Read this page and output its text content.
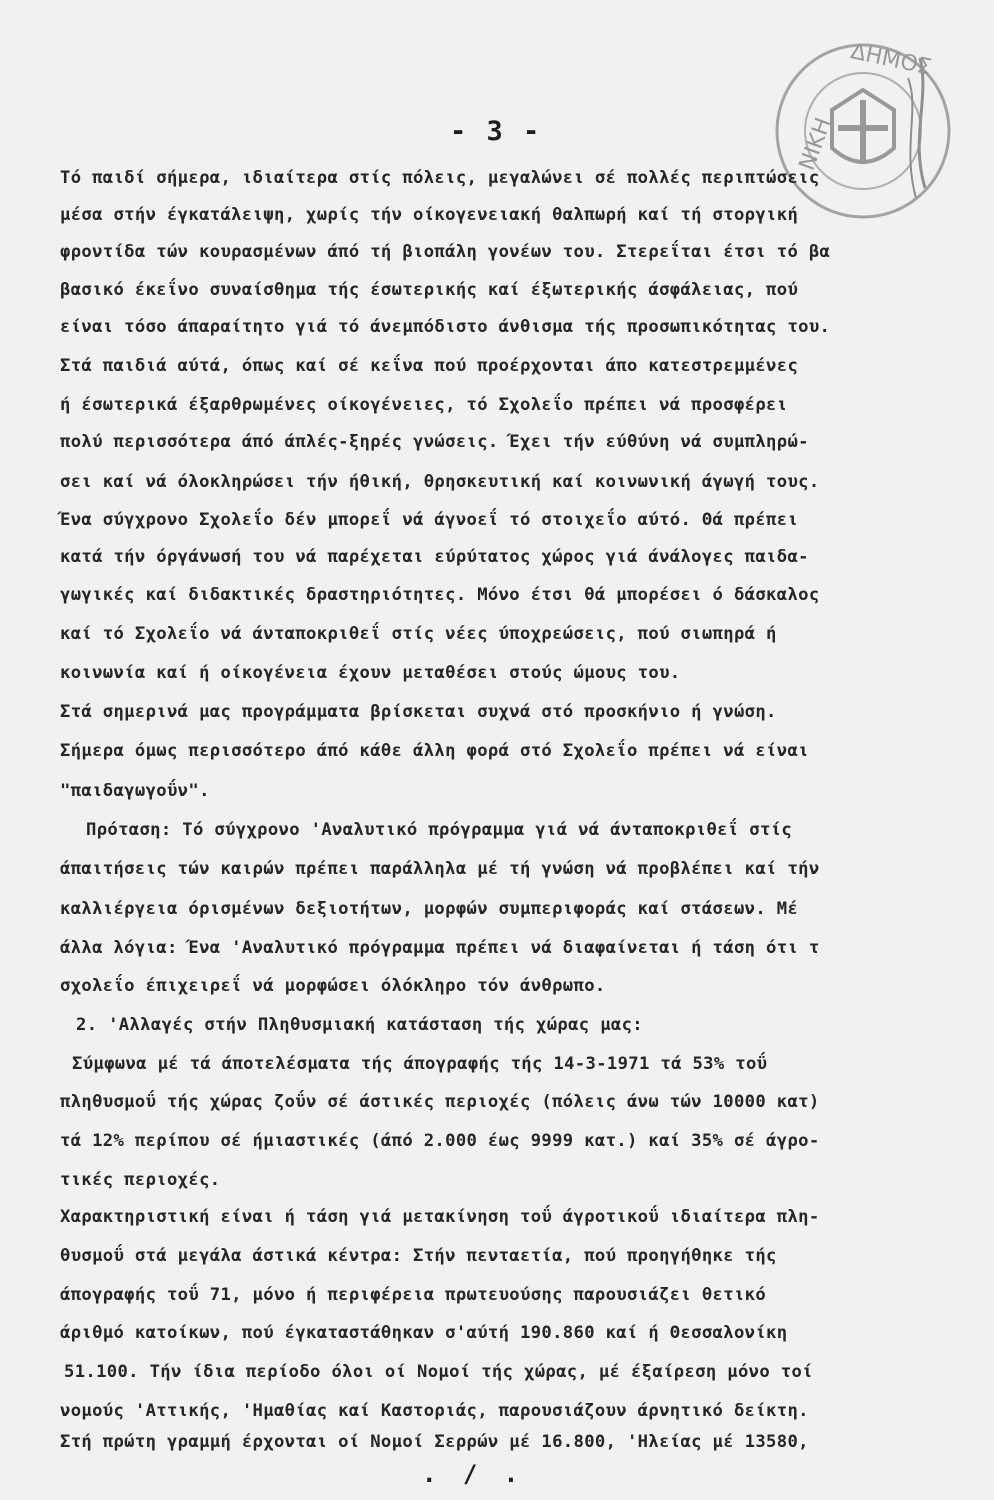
ΝΙΚΗ
ΔΗΜΟΣ
- 3 -
Τό παιδί σήμερα, ιδιαίτερα στίς πόλεις, μεγαλώνει σέ πολλές περιπτώσεις
μέσα στήν έγκατάλειψη, χωρίς τήν οίκογενειακή θαλπωρή καί τή στοργική
φροντίδα τών κουρασμένων άπό τή βιοπάλη γονέων του. Στερεΐται έτσι τό βα
βασικό έκεΐνο συναίσθημα τής έσωτερικής καί έξωτερικής άσφάλειας, πού
είναι τόσο άπαραίτητο γιά τό άνεμπόδιστο άνθισμα τής προσωπικότητας του.
Στά παιδιά αύτά, όπως καί σέ κεΐνα πού προέρχονται άπο κατεστρεμμένες
ή έσωτερικά έξαρθρωμένες οίκογένειες, τό Σχολεΐο πρέπει νά προσφέρει
πολύ περισσότερα άπό άπλές-ξηρές γνώσεις. Έχει τήν εύθύνη νά συμπληρώ-
σει καί νά όλοκληρώσει τήν ήθική, θρησκευτική καί κοινωνική άγωγή τους.
Ένα σύγχρονο Σχολεΐο δέν μπορεΐ νά άγνοεΐ τό στοιχεΐο αύτό. Θά πρέπει
κατά τήν όργάνωσή του νά παρέχεται εύρύτατος χώρος γιά άνάλογες παιδα-
γωγικές καί διδακτικές δραστηριότητες. Μόνο έτσι θά μπορέσει ό δάσκαλος
καί τό Σχολεΐο νά άνταποκριθεΐ στίς νέες ύποχρεώσεις, πού σιωπηρά ή
κοινωνία καί ή οίκογένεια έχουν μεταθέσει στούς ώμους του.
Στά σημερινά μας προγράμματα βρίσκεται συχνά στό προσκήνιο ή γνώση.
Σήμερα όμως περισσότερο άπό κάθε άλλη φορά στό Σχολεΐο πρέπει νά είναι
"παιδαγωγοΰν".
Πρόταση: Τό σύγχρονο 'Αναλυτικό πρόγραμμα γιά νά άνταποκριθεΐ στίς
άπαιτήσεις τών καιρών πρέπει παράλληλα μέ τή γνώση νά προβλέπει καί τήν
καλλιέργεια όρισμένων δεξιοτήτων, μορφών συμπεριφοράς καί στάσεων. Μέ
άλλα λόγια: Ένα 'Αναλυτικό πρόγραμμα πρέπει νά διαφαίνεται ή τάση ότι τ
σχολεΐο έπιχειρεΐ νά μορφώσει όλόκληρο τόν άνθρωπο.
2. 'Αλλαγές στήν Πληθυσμιακή κατάσταση τής χώρας μας:
Σύμφωνα μέ τά άποτελέσματα τής άπογραφής τής 14-3-1971 τά 53% τοΰ
πληθυσμοΰ τής χώρας ζοΰν σέ άστικές περιοχές (πόλεις άνω τών 10000 κατ)
τά 12% περίπου σέ ήμιαστικές (άπό 2.000 έως 9999 κατ.) καί 35% σέ άγρο-
τικές περιοχές.
Χαρακτηριστική είναι ή τάση γιά μετακίνηση τοΰ άγροτικοΰ ιδιαίτερα πλη-
θυσμοΰ στά μεγάλα άστικά κέντρα: Στήν πενταετία, πού προηγήθηκε τής
άπογραφής τοΰ 71, μόνο ή περιφέρεια πρωτευούσης παρουσιάζει θετικό
άριθμό κατοίκων, πού έγκαταστάθηκαν σ'αύτή 190.860 καί ή Θεσσαλονίκη
51.100. Τήν ίδια περίοδο όλοι οί Νομοί τής χώρας, μέ έξαίρεση μόνο τοί
νομούς 'Αττικής, 'Ημαθίας καί Καστοριάς, παρουσιάζουν άρνητικό δείκτη.
Στή πρώτη γραμμή έρχονται οί Νομοί Σερρών μέ 16.800, 'Ηλείας μέ 13580,
. / .
